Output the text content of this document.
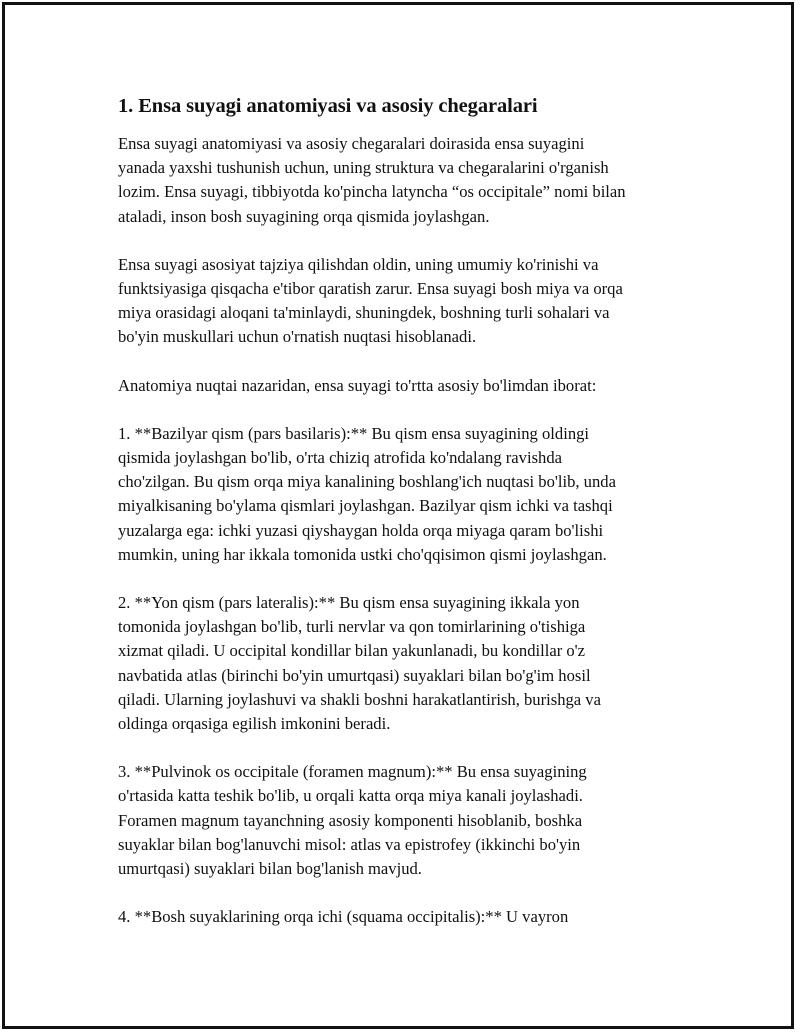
1. Ensa suyagi anatomiyasi va asosiy chegaralari

Ensa suyagi anatomiyasi va asosiy chegaralari doirasida ensa suyagini
yanada yaxshi tushunish uchun, uning struktura va chegaralarini o'rganish
lozim. Ensa suyagi, tibbiyotda ko'pincha latyncha “os occipitale” nomi bilan
ataladi, inson bosh suyagining orqa qismida joylashgan.

Ensa suyagi asosiyat tajziya qilishdan oldin, uning umumiy ko'rinishi va
funktsiyasiga qisqacha e'tibor qaratish zarur. Ensa suyagi bosh miya va orqa
miya orasidagi aloqani ta'minlaydi, shuningdek, boshning turli sohalari va
bo'yin muskullari uchun o'rnatish nuqtasi hisoblanadi.

Anatomiya nuqtai nazaridan, ensa suyagi to'rtta asosiy bo'limdan iborat:

1. **Bazilyar qism (pars basilaris):** Bu qism ensa suyagining oldingi
qismida joylashgan bo'lib, o'rta chiziq atrofida ko'ndalang ravishda
cho'zilgan. Bu qism orqa miya kanalining boshlang'ich nuqtasi bo'lib, unda
miyalkisaning bo'ylama qismlari joylashgan. Bazilyar qism ichki va tashqi
yuzalarga ega: ichki yuzasi qiyshaygan holda orqa miyaga qaram bo'lishi
mumkin, uning har ikkala tomonida ustki cho'qqisimon qismi joylashgan.

2. **Yon qism (pars lateralis):** Bu qism ensa suyagining ikkala yon
tomonida joylashgan bo'lib, turli nervlar va qon tomirlarining o'tishiga
xizmat qiladi. U occipital kondillar bilan yakunlanadi, bu kondillar o'z
navbatida atlas (birinchi bo'yin umurtqasi) suyaklari bilan bo'g'im hosil
qiladi. Ularning joylashuvi va shakli boshni harakatlantirish, burishga va
oldinga orqasiga egilish imkonini beradi.

3. **Pulvinok os occipitale (foramen magnum):** Bu ensa suyagining
o'rtasida katta teshik bo'lib, u orqali katta orqa miya kanali joylashadi.
Foramen magnum tayanchning asosiy komponenti hisoblanib, boshka
suyaklar bilan bog'lanuvchi misol: atlas va epistrofey (ikkinchi bo'yin
umurtqasi) suyaklari bilan bog'lanish mavjud.

4. **Bosh suyaklarining orqa ichi (squama occipitalis):** U vayron
